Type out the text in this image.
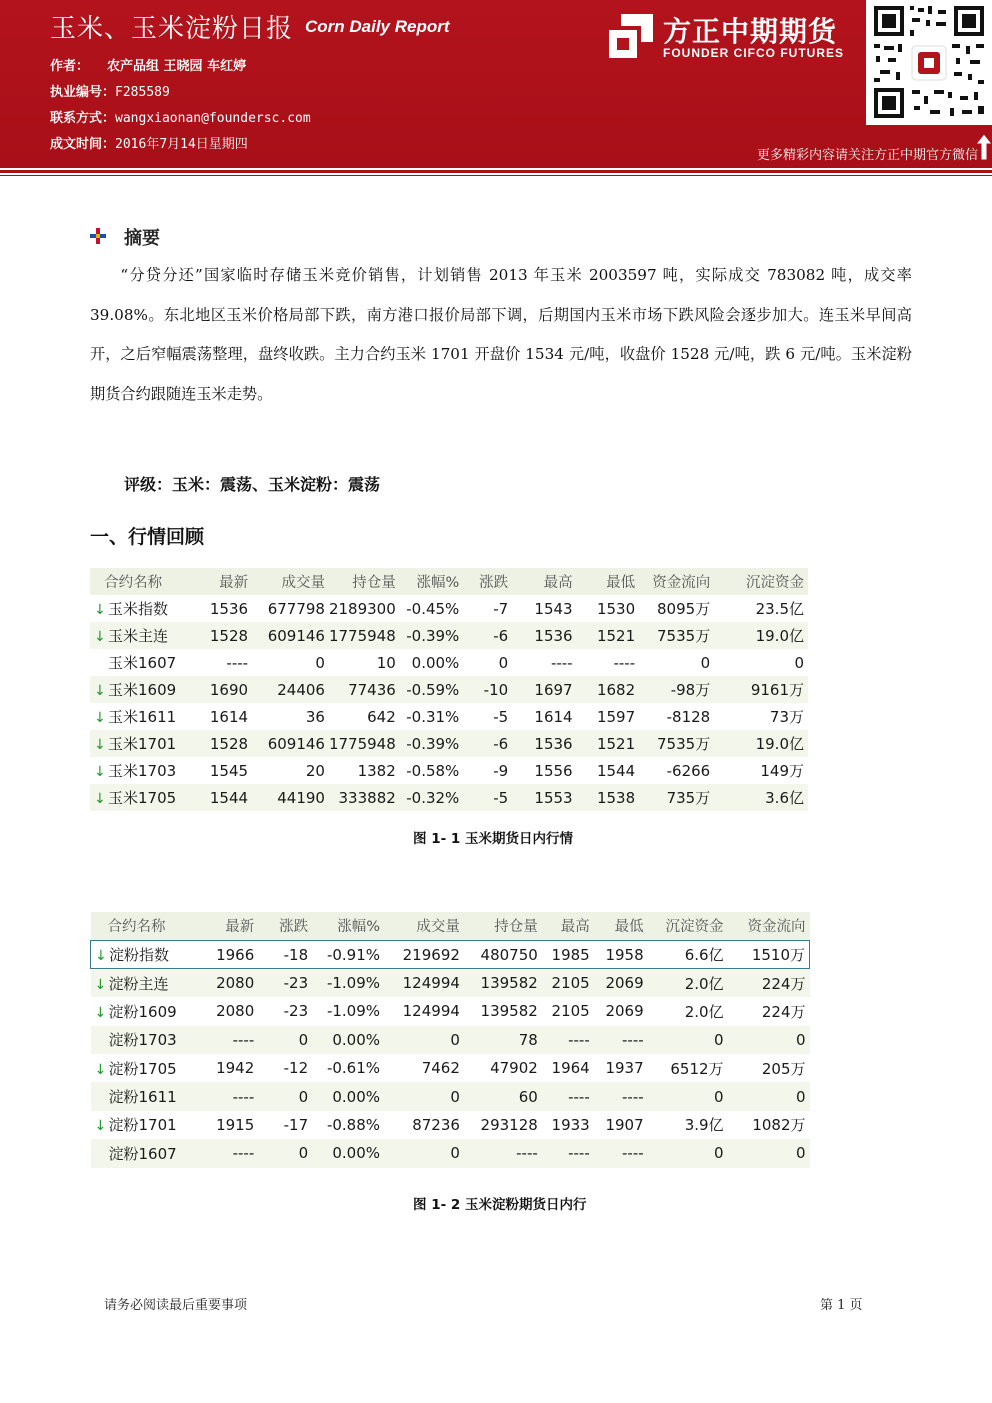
玉米、玉米淀粉日报 Corn Daily Report
作者： 农产品组 王晓园 车红婷
执业编号：F285589
联系方式：wangxiaonan@foundersc.com
成文时间：2016年7月14日星期四
方正中期期货
FOUNDER CIFCO FUTURES
更多精彩内容请关注方正中期官方微信
摘要
“分贷分还”国家临时存储玉米竞价销售，计划销售 2013 年玉米 2003597 吨，实际成交 783082 吨，成交率 39.08%。东北地区玉米价格局部下跌，南方港口报价局部下调，后期国内玉米市场下跌风险会逐步加大。连玉米早间高开，之后窄幅震荡整理，盘终收跌。主力合约玉米 1701 开盘价 1534 元/吨，收盘价 1528 元/吨，跌 6 元/吨。玉米淀粉期货合约跟随连玉米走势。
评级：玉米：震荡、玉米淀粉：震荡
一、行情回顾
合约名称	最新	成交量	持仓量	涨幅%	涨跌	最高	最低	资金流向	沉淀资金
↓ 玉米指数	1536	677798	2189300	-0.45%	-7	1543	1530	8095万	23.5亿
↓ 玉米主连	1528	609146	1775948	-0.39%	-6	1536	1521	7535万	19.0亿
玉米1607	----	0	10	0.00%	0	----	----	0	0
↓ 玉米1609	1690	24406	77436	-0.59%	-10	1697	1682	-98万	9161万
↓ 玉米1611	1614	36	642	-0.31%	-5	1614	1597	-8128	73万
↓ 玉米1701	1528	609146	1775948	-0.39%	-6	1536	1521	7535万	19.0亿
↓ 玉米1703	1545	20	1382	-0.58%	-9	1556	1544	-6266	149万
↓ 玉米1705	1544	44190	333882	-0.32%	-5	1553	1538	735万	3.6亿
图 1- 1 玉米期货日内行情
合约名称	最新	涨跌	涨幅%	成交量	持仓量	最高	最低	沉淀资金	资金流向
↓ 淀粉指数	1966	-18	-0.91%	219692	480750	1985	1958	6.6亿	1510万
↓ 淀粉主连	2080	-23	-1.09%	124994	139582	2105	2069	2.0亿	224万
↓ 淀粉1609	2080	-23	-1.09%	124994	139582	2105	2069	2.0亿	224万
淀粉1703	----	0	0.00%	0	78	----	----	0	0
↓ 淀粉1705	1942	-12	-0.61%	7462	47902	1964	1937	6512万	205万
淀粉1611	----	0	0.00%	0	60	----	----	0	0
↓ 淀粉1701	1915	-17	-0.88%	87236	293128	1933	1907	3.9亿	1082万
淀粉1607	----	0	0.00%	0	----	----	----	0	0
图 1- 2 玉米淀粉期货日内行
请务必阅读最后重要事项	第 1 页
